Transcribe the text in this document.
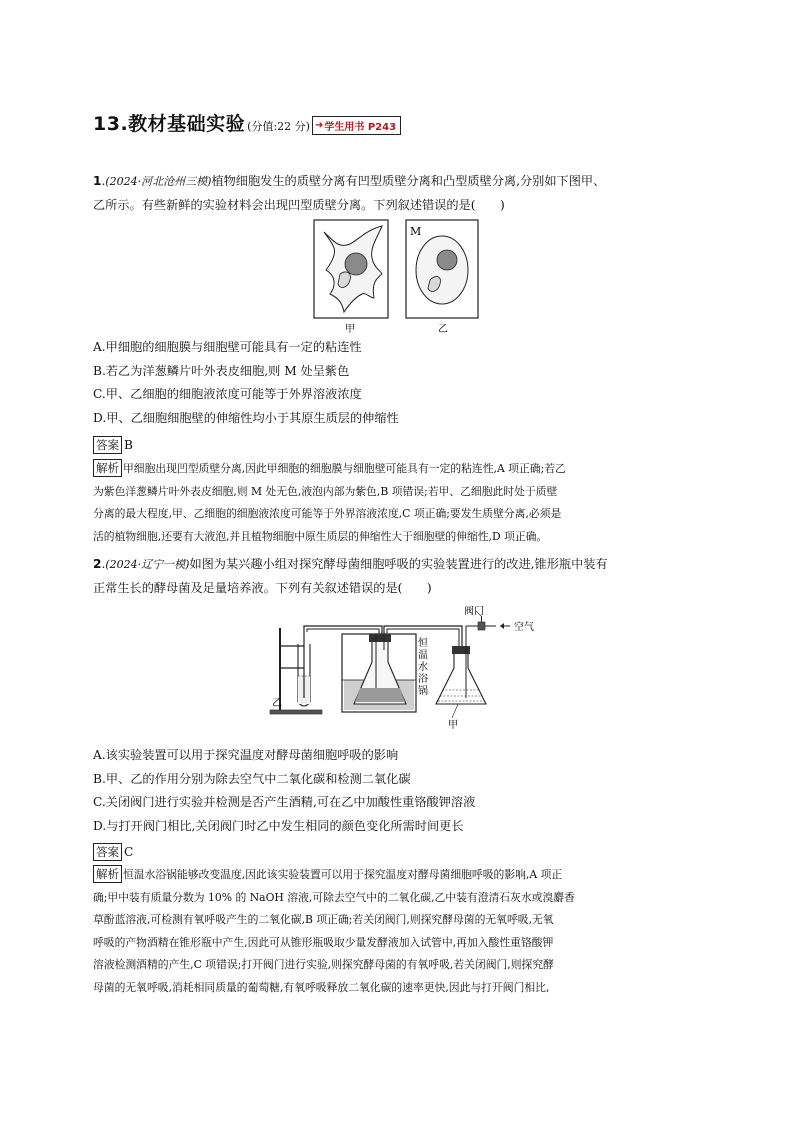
13.教材基础实验 (分值:22 分) ➜ 学生用书 P243
1.(2024·河北沧州三模)植物细胞发生的质壁分离有凹型质壁分离和凸型质壁分离,分别如下图甲、
乙所示。有些新鲜的实验材料会出现凹型质壁分离。下列叙述错误的是(　　)
M
甲	乙
A.甲细胞的细胞膜与细胞壁可能具有一定的粘连性
B.若乙为洋葱鳞片叶外表皮细胞,则 M 处呈紫色
C.甲、乙细胞的细胞液浓度可能等于外界溶液浓度
D.甲、乙细胞细胞壁的伸缩性均小于其原生质层的伸缩性
答案 B
解析 甲细胞出现凹型质壁分离,因此甲细胞的细胞膜与细胞壁可能具有一定的粘连性,A 项正确;若乙
为紫色洋葱鳞片叶外表皮细胞,则 M 处无色,液泡内部为紫色,B 项错误;若甲、乙细胞此时处于质壁
分离的最大程度,甲、乙细胞的细胞液浓度可能等于外界溶液浓度,C 项正确;要发生质壁分离,必须是
活的植物细胞,还要有大液泡,并且植物细胞中原生质层的伸缩性大于细胞壁的伸缩性,D 项正确。
2.(2024·辽宁一模)如图为某兴趣小组对探究酵母菌细胞呼吸的实验装置进行的改进,锥形瓶中装有
正常生长的酵母菌及足量培养液。下列有关叙述错误的是(　　)
阀门
空气
恒
温
水
浴
锅
乙
甲
A.该实验装置可以用于探究温度对酵母菌细胞呼吸的影响
B.甲、乙的作用分别为除去空气中二氧化碳和检测二氧化碳
C.关闭阀门进行实验并检测是否产生酒精,可在乙中加酸性重铬酸钾溶液
D.与打开阀门相比,关闭阀门时乙中发生相同的颜色变化所需时间更长
答案 C
解析 恒温水浴锅能够改变温度,因此该实验装置可以用于探究温度对酵母菌细胞呼吸的影响,A 项正
确;甲中装有质量分数为 10% 的 NaOH 溶液,可除去空气中的二氧化碳,乙中装有澄清石灰水或溴麝香
草酚蓝溶液,可检测有氧呼吸产生的二氧化碳,B 项正确;若关闭阀门,则探究酵母菌的无氧呼吸,无氧
呼吸的产物酒精在锥形瓶中产生,因此可从锥形瓶吸取少量发酵液加入试管中,再加入酸性重铬酸钾
溶液检测酒精的产生,C 项错误;打开阀门进行实验,则探究酵母菌的有氧呼吸,若关闭阀门,则探究酵
母菌的无氧呼吸,消耗相同质量的葡萄糖,有氧呼吸释放二氧化碳的速率更快,因此与打开阀门相比,
